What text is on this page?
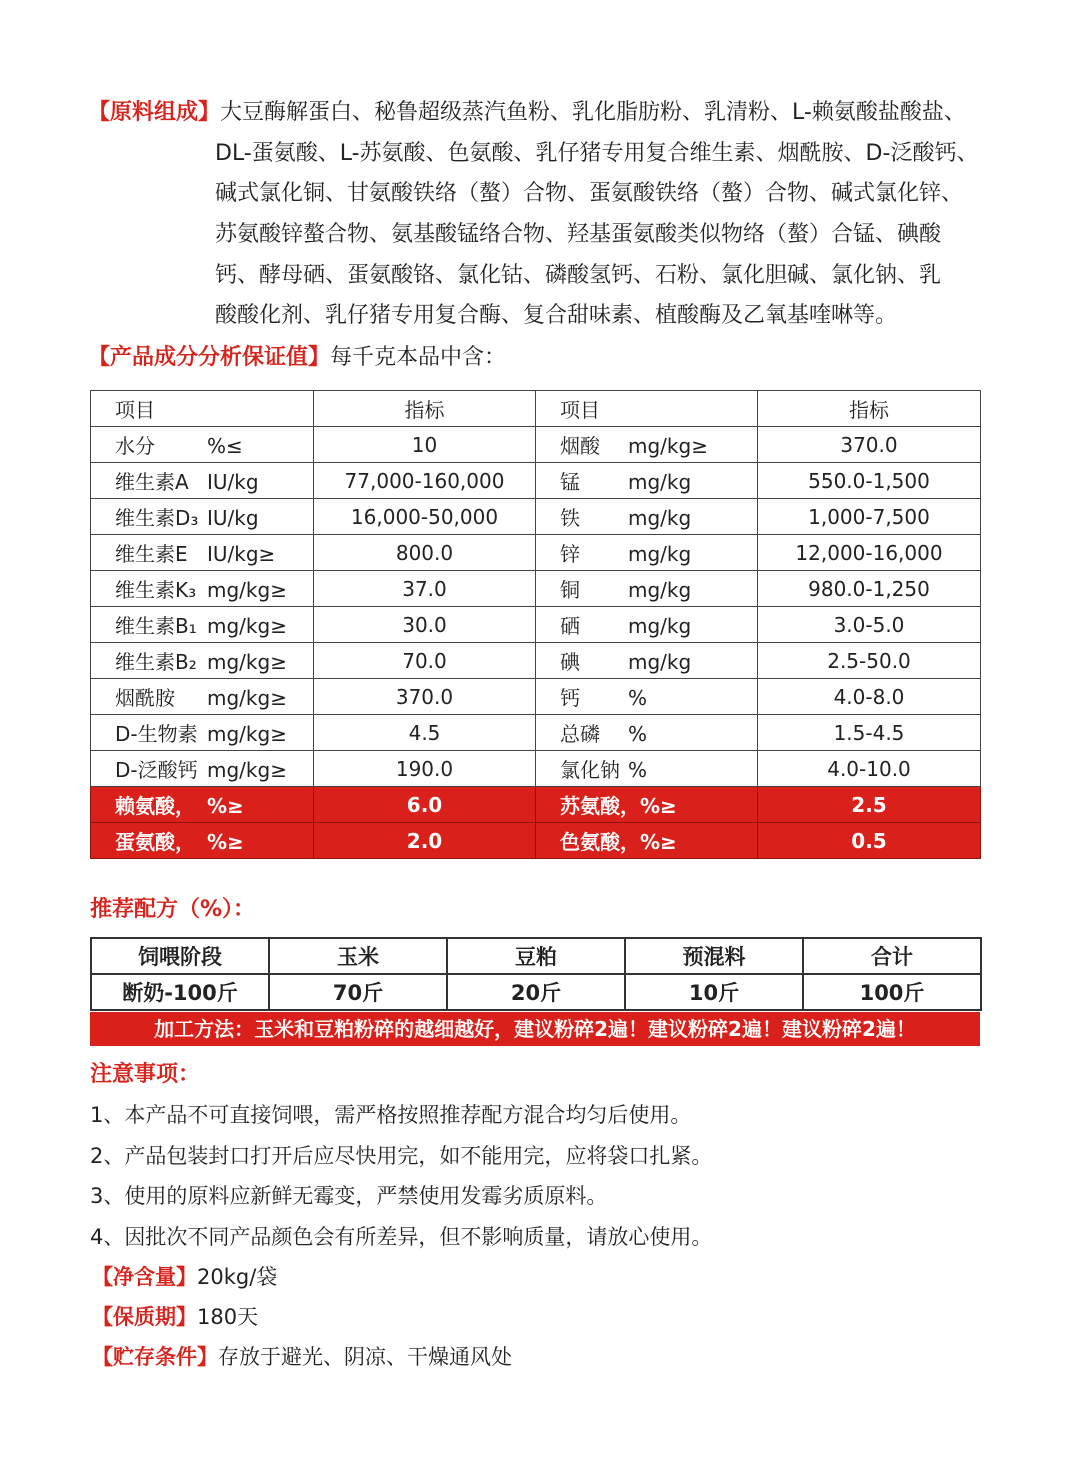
【原料组成】大豆酶解蛋白、秘鲁超级蒸汽鱼粉、乳化脂肪粉、乳清粉、L-赖氨酸盐酸盐、
DL-蛋氨酸、L-苏氨酸、色氨酸、乳仔猪专用复合维生素、烟酰胺、D-泛酸钙、
碱式氯化铜、甘氨酸铁络（螯）合物、蛋氨酸铁络（螯）合物、碱式氯化锌、
苏氨酸锌螯合物、氨基酸锰络合物、羟基蛋氨酸类似物络（螯）合锰、碘酸
钙、酵母硒、蛋氨酸铬、氯化钴、磷酸氢钙、石粉、氯化胆碱、氯化钠、乳
酸酸化剂、乳仔猪专用复合酶、复合甜味素、植酸酶及乙氧基喹啉等。
【产品成分分析保证值】每千克本品中含：
项目	指标	项目	指标
水分 %≤	10	烟酸 mg/kg≥	370.0
维生素A IU/kg	77,000-160,000	锰 mg/kg	550.0-1,500
维生素D₃ IU/kg	16,000-50,000	铁 mg/kg	1,000-7,500
维生素E IU/kg≥	800.0	锌 mg/kg	12,000-16,000
维生素K₃ mg/kg≥	37.0	铜 mg/kg	980.0-1,250
维生素B₁ mg/kg≥	30.0	硒 mg/kg	3.0-5.0
维生素B₂ mg/kg≥	70.0	碘 mg/kg	2.5-50.0
烟酰胺 mg/kg≥	370.0	钙 %	4.0-8.0
D-生物素 mg/kg≥	4.5	总磷 %	1.5-4.5
D-泛酸钙 mg/kg≥	190.0	氯化钠 %	4.0-10.0
赖氨酸， %≥	6.0	苏氨酸，%≥	2.5
蛋氨酸， %≥	2.0	色氨酸，%≥	0.5
推荐配方（%）：
饲喂阶段	玉米	豆粕	预混料	合计
断奶-100斤	70斤	20斤	10斤	100斤
加工方法：玉米和豆粕粉碎的越细越好，建议粉碎2遍！建议粉碎2遍！建议粉碎2遍！
注意事项：
1、本产品不可直接饲喂，需严格按照推荐配方混合均匀后使用。
2、产品包装封口打开后应尽快用完，如不能用完，应将袋口扎紧。
3、使用的原料应新鲜无霉变，严禁使用发霉劣质原料。
4、因批次不同产品颜色会有所差异，但不影响质量，请放心使用。
【净含量】20kg/袋
【保质期】180天
【贮存条件】存放于避光、阴凉、干燥通风处
